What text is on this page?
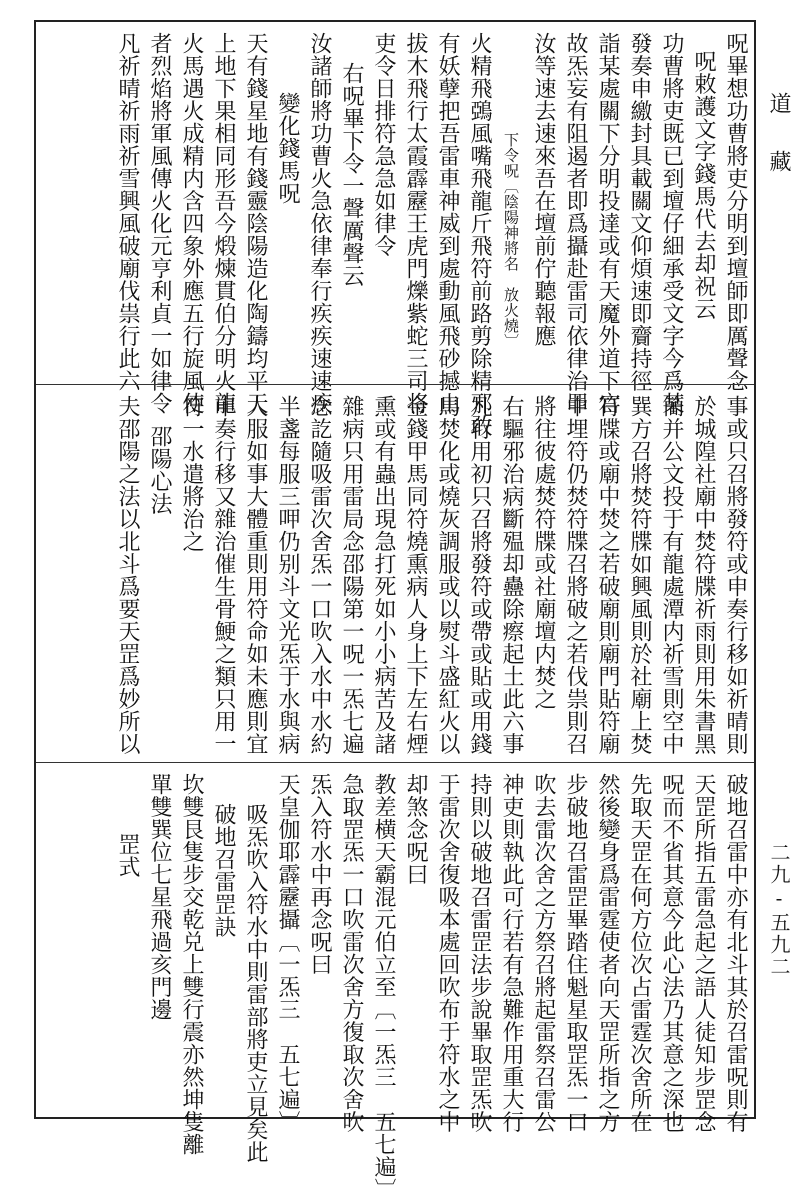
呪畢想功曹將吏分明到壇師即厲聲念
呪敕護文字錢馬代去却祝云
功曹將吏既已到壇仔細承受文字今爲某
發奏申繳封具載關文仰煩速即齎持徑
詣某處關下分明投達或有天魔外道下官
故炁妄有阻遏者即爲攝赴雷司依律治罪
汝等速去速來吾在壇前佇聽報應
下令呪〔陰陽神將名　放火燒〕
火精飛鵶風嘴飛龍斤飛符前路剪除精邪敢
有妖孽把吾雷車神威到處動風飛砂撼山
拔木飛行太霞霹靂王虎門爍紫蛇三司将
吏令日排符急急如律令
右呪畢下令一聲厲聲云
汝諸師將功曹火急依律奉行疾疾速速疾
變化錢馬呪
天有錢星地有錢靈陰陽造化陶鑄均平天
上地下果相同形吾今煅煉貫伯分明火龍
火馬遇火成精内含四象外應五行旋風使
者烈焰將軍風傳火化元亨利貞一如律令
凡祈晴祈雨祈雪興風破廟伐祟行此六
事或只召將發符或申奏行移如祈晴則
於城隍社廟中焚符牒祈雨則用朱書黑
簡并公文投于有龍處潭内祈雪則空中
巽方召將焚符牒如興風則於社廟上焚
符牒或廟中焚之若破廟則廟門貼符廟
中埋符仍焚符牒召將破之若伐祟則召
將往彼處焚符牒或社廟壇内焚之
右驅邪治病斷殟却蠱除瘵起土此六事
凡行用初只召將發符或帶或貼或用錢
馬焚化或燒灰調服或以熨斗盛紅火以
金錢甲馬同符燒熏病人身上下左右煙
熏或有蟲出現急打死如小小病苦及諸
雜病只用雷局念邵陽第一呪一炁七遍
念訖隨吸雷次舍炁一口吹入水中水約
半盞每服三呷仍别斗文光炁于水與病
人服如事大體重則用符命如未應則宜
申奏行移又雜治催生骨鯁之類只用一
符一水遣將治之
邵陽心法
夫邵陽之法以北斗爲要天罡爲妙所以
破地召雷中亦有北斗其於召雷呪則有
天罡所指五雷急起之語人徒知步罡念
呪而不省其意今此心法乃其意之深也
先取天罡在何方位次占雷霆次舍所在
然後變身爲雷霆使者向天罡所指之方
步破地召雷罡畢踏住魁星取罡炁一口
吹去雷次舍之方祭召將起雷祭召雷公
神吏則執此可行若有急難作用重大行
持則以破地召雷罡法步說畢取罡炁吹
于雷次舍復吸本處回吹布于符水之中
却煞念呪曰
教差横天霸混元伯立至〔一炁三　五七遍〕
急取罡炁一口吹雷次舍方復取次舍吹
炁入符水中再念呪曰
天皇伽耶霹靂攝〔一炁三　五七遍〕
吸炁吹入符水中則雷部將吏立見矣此
破地召雷罡訣
坎雙艮隻步交乾兑上雙行震亦然坤隻離
單雙巽位七星飛過亥門邊
罡式
道藏
二九-五九二
